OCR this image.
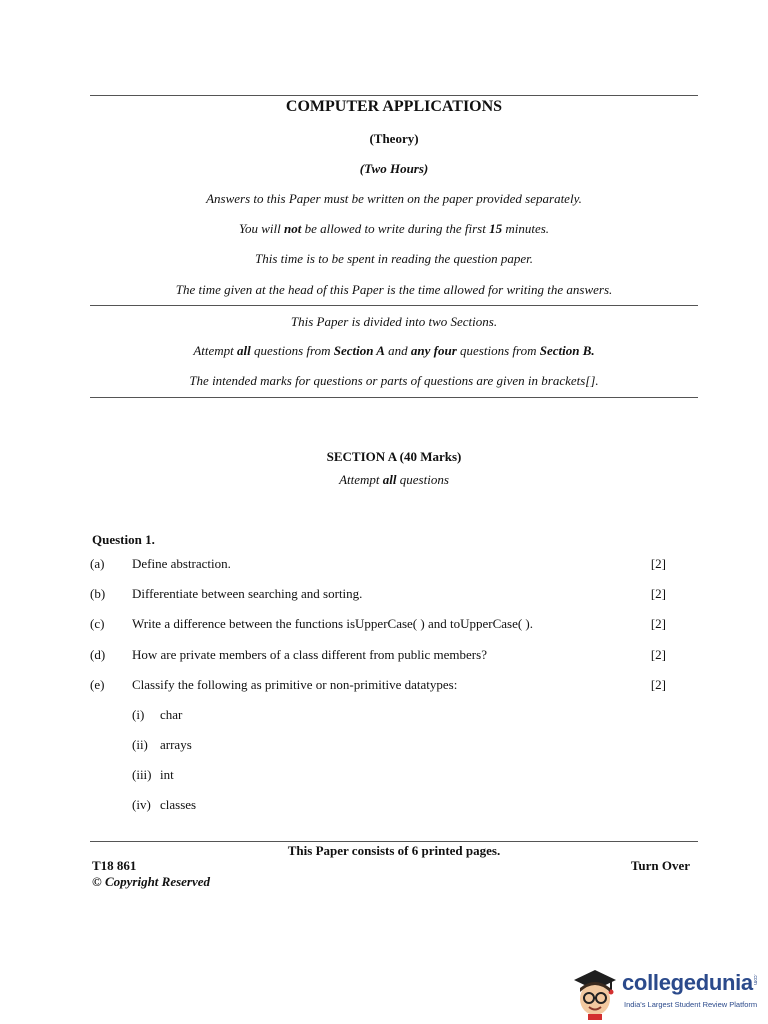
COMPUTER APPLICATIONS
(Theory)
(Two Hours)
Answers to this Paper must be written on the paper provided separately.
You will not be allowed to write during the first 15 minutes.
This time is to be spent in reading the question paper.
The time given at the head of this Paper is the time allowed for writing the answers.
This Paper is divided into two Sections.
Attempt all questions from Section A and any four questions from Section B.
The intended marks for questions or parts of questions are given in brackets[].
SECTION A (40 Marks)
Attempt all questions
Question 1.
(a) Define abstraction.	[2]
(b) Differentiate between searching and sorting.	[2]
(c) Write a difference between the functions isUpperCase( ) and toUpperCase( ).	[2]
(d) How are private members of a class different from public members?	[2]
(e) Classify the following as primitive or non-primitive datatypes:	[2]
(i) char
(ii) arrays
(iii) int
(iv) classes
This Paper consists of 6 printed pages.
T18 861	Turn Over
© Copyright Reserved
collegedunia
India's Largest Student Review Platform
.com
